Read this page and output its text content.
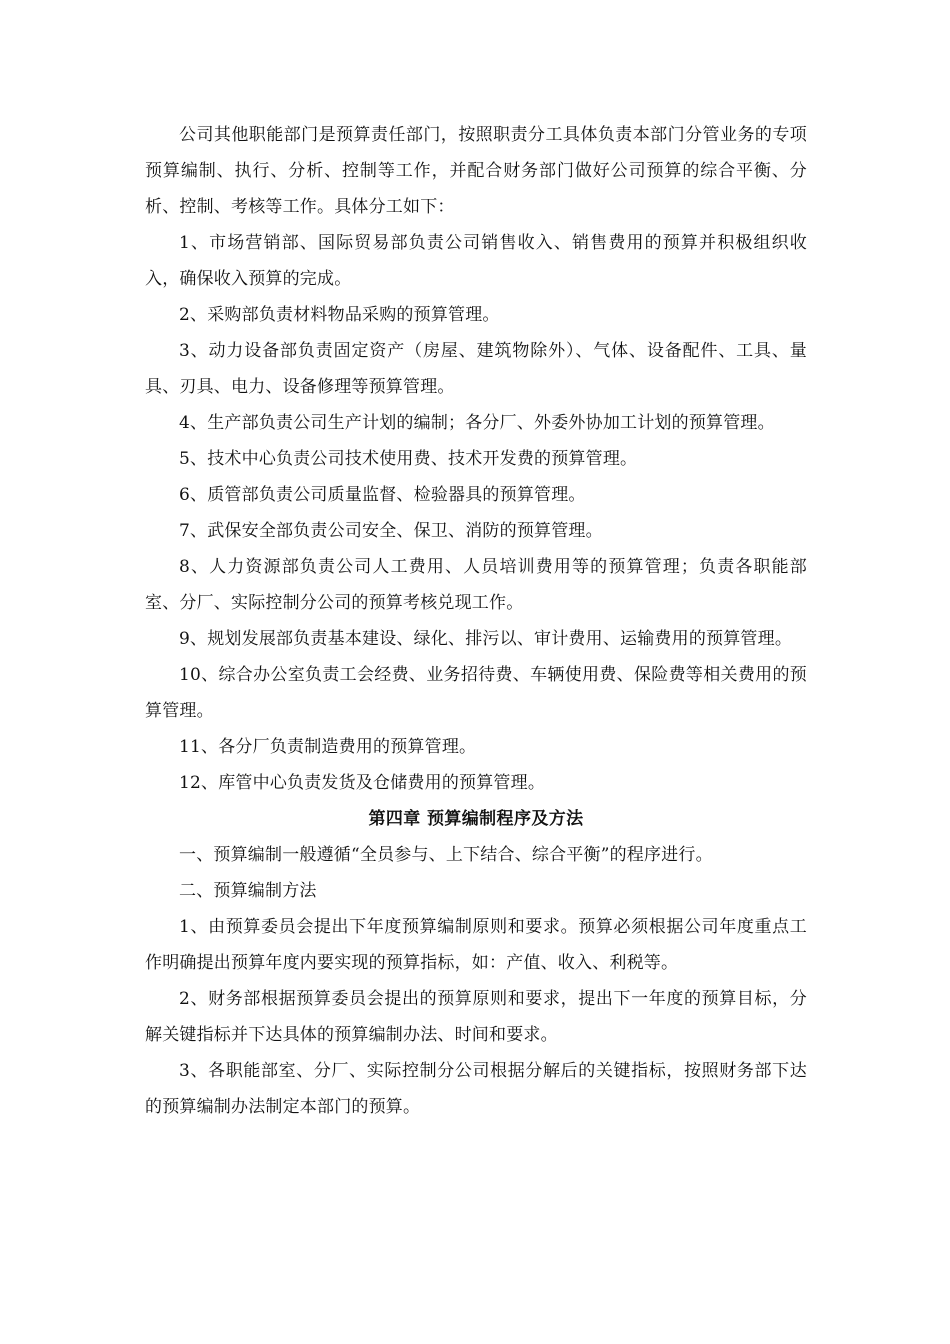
公司其他职能部门是预算责任部门，按照职责分工具体负责本部门分管业务的专项预算编制、执行、分析、控制等工作，并配合财务部门做好公司预算的综合平衡、分析、控制、考核等工作。具体分工如下：

1、市场营销部、国际贸易部负责公司销售收入、销售费用的预算并积极组织收入，确保收入预算的完成。

2、采购部负责材料物品采购的预算管理。

3、动力设备部负责固定资产（房屋、建筑物除外）、气体、设备配件、工具、量具、刃具、电力、设备修理等预算管理。

4、生产部负责公司生产计划的编制；各分厂、外委外协加工计划的预算管理。

5、技术中心负责公司技术使用费、技术开发费的预算管理。

6、质管部负责公司质量监督、检验器具的预算管理。

7、武保安全部负责公司安全、保卫、消防的预算管理。

8、人力资源部负责公司人工费用、人员培训费用等的预算管理；负责各职能部室、分厂、实际控制分公司的预算考核兑现工作。

9、规划发展部负责基本建设、绿化、排污以、审计费用、运输费用的预算管理。

10、综合办公室负责工会经费、业务招待费、车辆使用费、保险费等相关费用的预算管理。

11、各分厂负责制造费用的预算管理。

12、库管中心负责发货及仓储费用的预算管理。

第四章 预算编制程序及方法

一、预算编制一般遵循“全员参与、上下结合、综合平衡”的程序进行。

二、预算编制方法

1、由预算委员会提出下年度预算编制原则和要求。预算必须根据公司年度重点工作明确提出预算年度内要实现的预算指标，如：产值、收入、利税等。

2、财务部根据预算委员会提出的预算原则和要求，提出下一年度的预算目标，分解关键指标并下达具体的预算编制办法、时间和要求。

3、各职能部室、分厂、实际控制分公司根据分解后的关键指标，按照财务部下达的预算编制办法制定本部门的预算。
